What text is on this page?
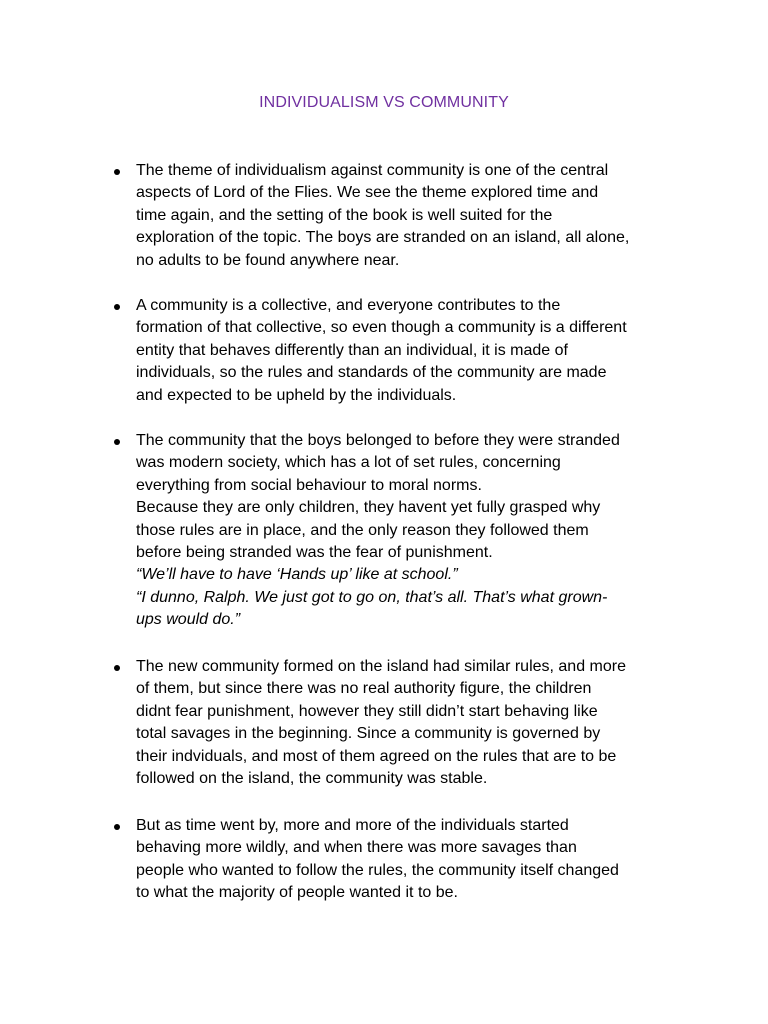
INDIVIDUALISM VS COMMUNITY
The theme of individualism against community is one of the central
aspects of Lord of the Flies. We see the theme explored time and
time again, and the setting of the book is well suited for the
exploration of the topic. The boys are stranded on an island, all alone,
no adults to be found anywhere near.
A community is a collective, and everyone contributes to the
formation of that collective, so even though a community is a different
entity that behaves differently than an individual, it is made of
individuals, so the rules and standards of the community are made
and expected to be upheld by the individuals.
The community that the boys belonged to before they were stranded
was modern society, which has a lot of set rules, concerning
everything from social behaviour to moral norms.
Because they are only children, they havent yet fully grasped why
those rules are in place, and the only reason they followed them
before being stranded was the fear of punishment.
“We’ll have to have ‘Hands up’ like at school.”
“I dunno, Ralph. We just got to go on, that’s all. That’s what grown-
ups would do.”
The new community formed on the island had similar rules, and more
of them, but since there was no real authority figure, the children
didnt fear punishment, however they still didn’t start behaving like
total savages in the beginning. Since a community is governed by
their indviduals, and most of them agreed on the rules that are to be
followed on the island, the community was stable.
But as time went by, more and more of the individuals started
behaving more wildly, and when there was more savages than
people who wanted to follow the rules, the community itself changed
to what the majority of people wanted it to be.
